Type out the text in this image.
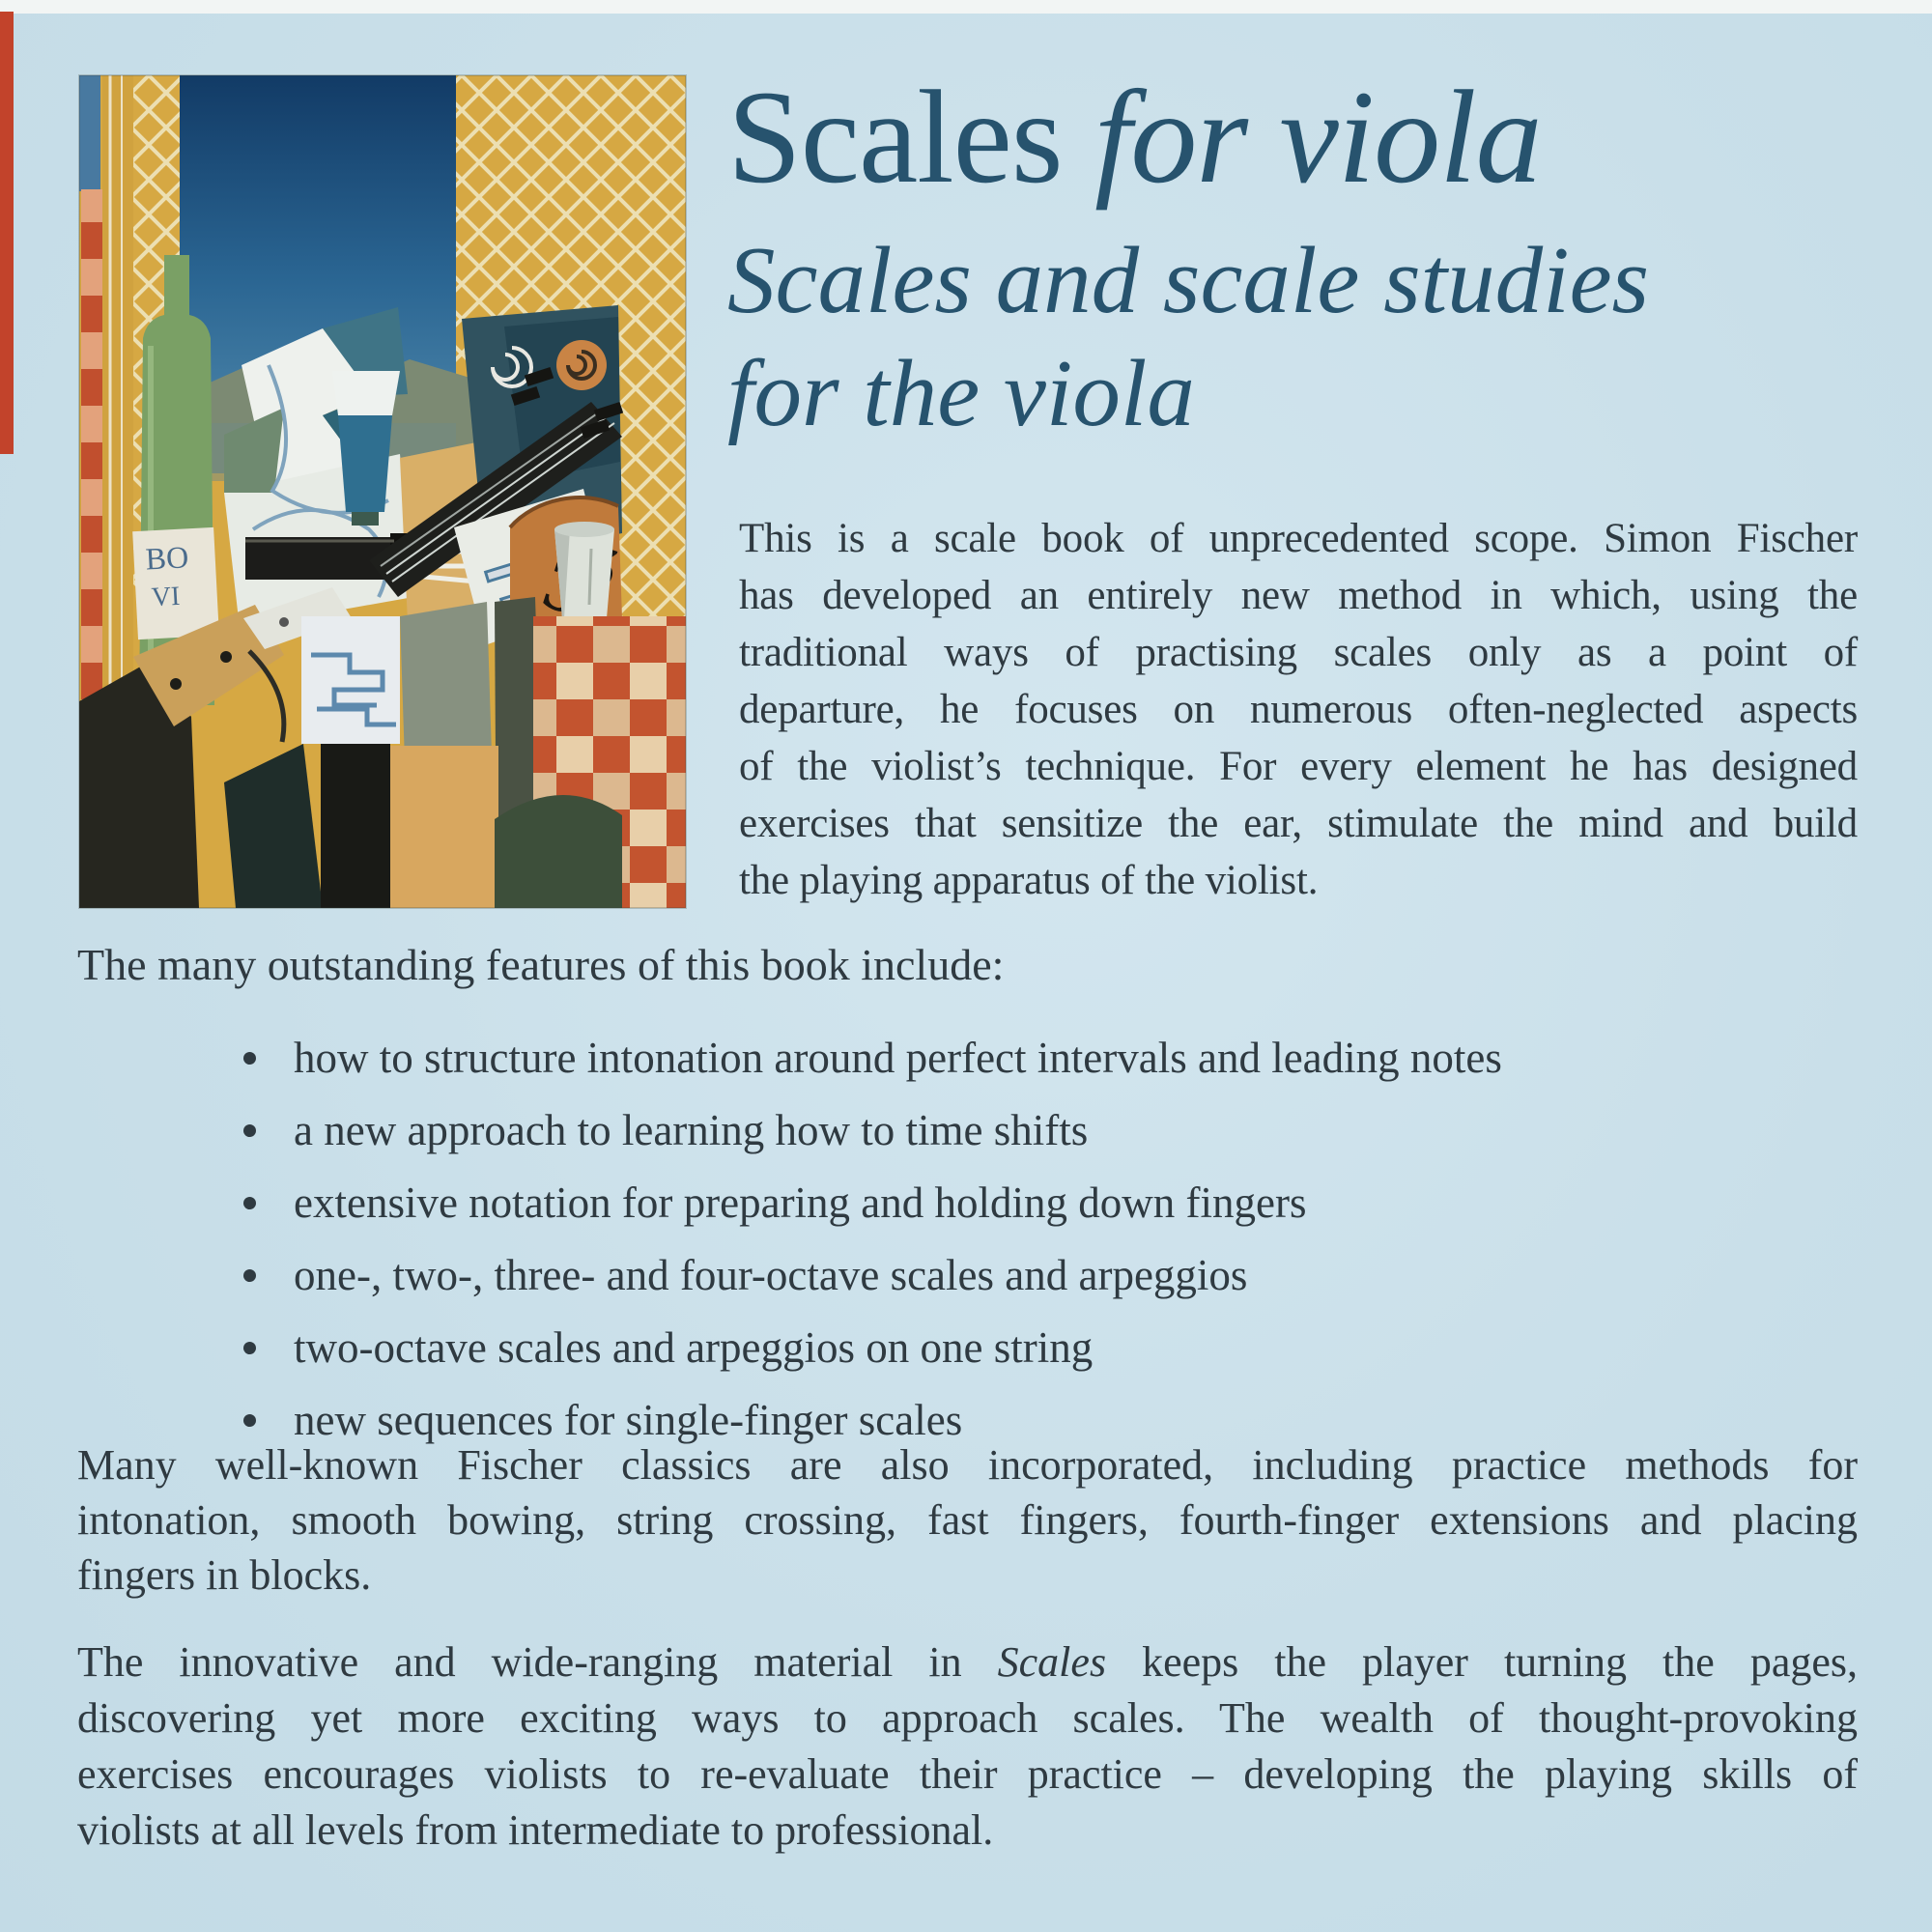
BO
VI
Scales for viola
Scales and scale studies
for the viola
This is a scale book of unprecedented scope. Simon Fischer
has developed an entirely new method in which, using the
traditional ways of practising scales only as a point of
departure, he focuses on numerous often-neglected aspects
of the violist’s technique. For every element he has designed
exercises that sensitize the ear, stimulate the mind and build
the playing apparatus of the violist.
The many outstanding features of this book include:
how to structure intonation around perfect intervals and leading notes
a new approach to learning how to time shifts
extensive notation for preparing and holding down fingers
one-, two-, three- and four-octave scales and arpeggios
two-octave scales and arpeggios on one string
new sequences for single-finger scales
Many well-known Fischer classics are also incorporated, including practice methods for
intonation, smooth bowing, string crossing, fast fingers, fourth-finger extensions and placing
fingers in blocks.
The innovative and wide-ranging material in Scales keeps the player turning the pages,
discovering yet more exciting ways to approach scales. The wealth of thought-provoking
exercises encourages violists to re-evaluate their practice – developing the playing skills of
violists at all levels from intermediate to professional.
